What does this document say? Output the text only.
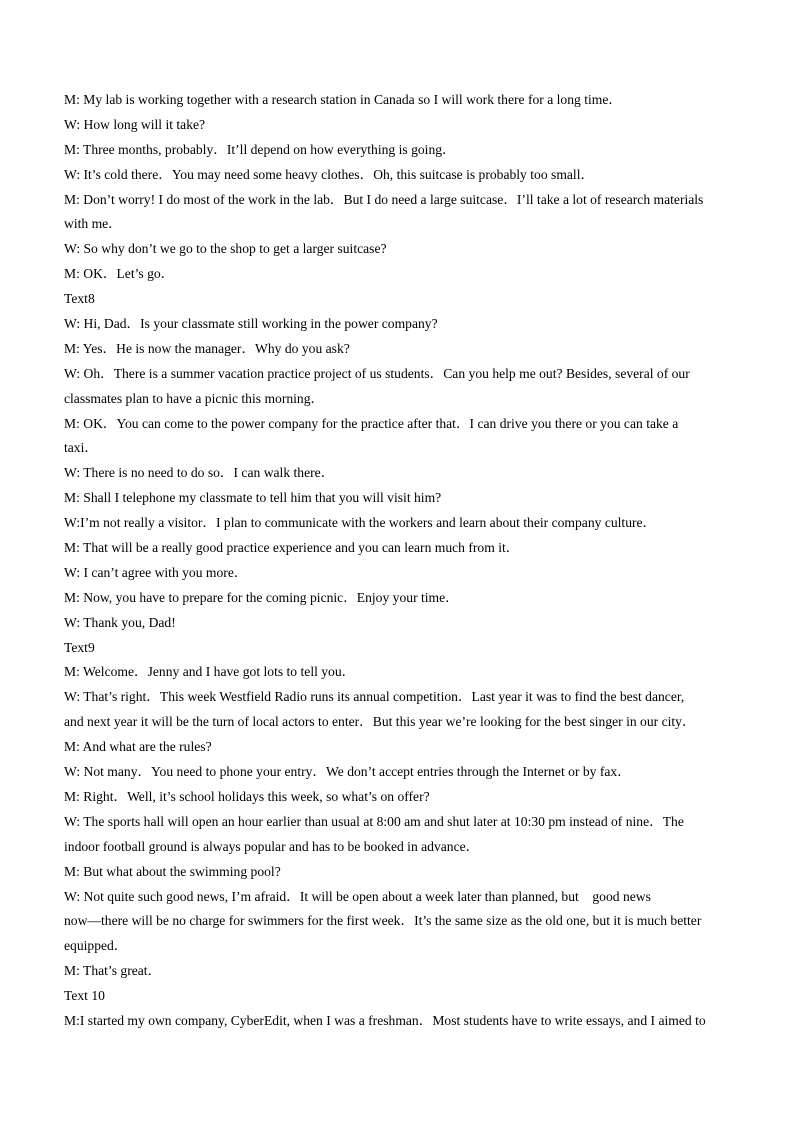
M: My lab is working together with a research station in Canada so I will work there for a long time．
W: How long will it take?
M: Three months, probably．It’ll depend on how everything is going．
W: It’s cold there．You may need some heavy clothes．Oh, this suitcase is probably too small．
M: Don’t worry! I do most of the work in the lab．But I do need a large suitcase．I’ll take a lot of research materials
with me．
W: So why don’t we go to the shop to get a larger suitcase?
M: OK．Let’s go．
Text8
W: Hi, Dad．Is your classmate still working in the power company?
M: Yes．He is now the manager．Why do you ask?
W: Oh．There is a summer vacation practice project of us students．Can you help me out? Besides, several of our
classmates plan to have a picnic this morning．
M: OK．You can come to the power company for the practice after that．I can drive you there or you can take a
taxi．
W: There is no need to do so．I can walk there．
M: Shall I telephone my classmate to tell him that you will visit him?
W:I’m not really a visitor．I plan to communicate with the workers and learn about their company culture．
M: That will be a really good practice experience and you can learn much from it．
W: I can’t agree with you more．
M: Now, you have to prepare for the coming picnic．Enjoy your time．
W: Thank you, Dad!
Text9
M: Welcome．Jenny and I have got lots to tell you．
W: That’s right．This week Westfield Radio runs its annual competition．Last year it was to find the best dancer,
and next year it will be the turn of local actors to enter．But this year we’re looking for the best singer in our city．
M: And what are the rules?
W: Not many．You need to phone your entry．We don’t accept entries through the Internet or by fax．
M: Right．Well, it’s school holidays this week, so what’s on offer?
W: The sports hall will open an hour earlier than usual at 8:00 am and shut later at 10:30 pm instead of nine．The
indoor football ground is always popular and has to be booked in advance．
M: But what about the swimming pool?
W: Not quite such good news, I’m afraid．It will be open about a week later than planned, but    good news
now—there will be no charge for swimmers for the first week．It’s the same size as the old one, but it is much better
equipped．
M: That’s great．
Text 10
M:I started my own company, CyberEdit, when I was a freshman．Most students have to write essays, and I aimed to
